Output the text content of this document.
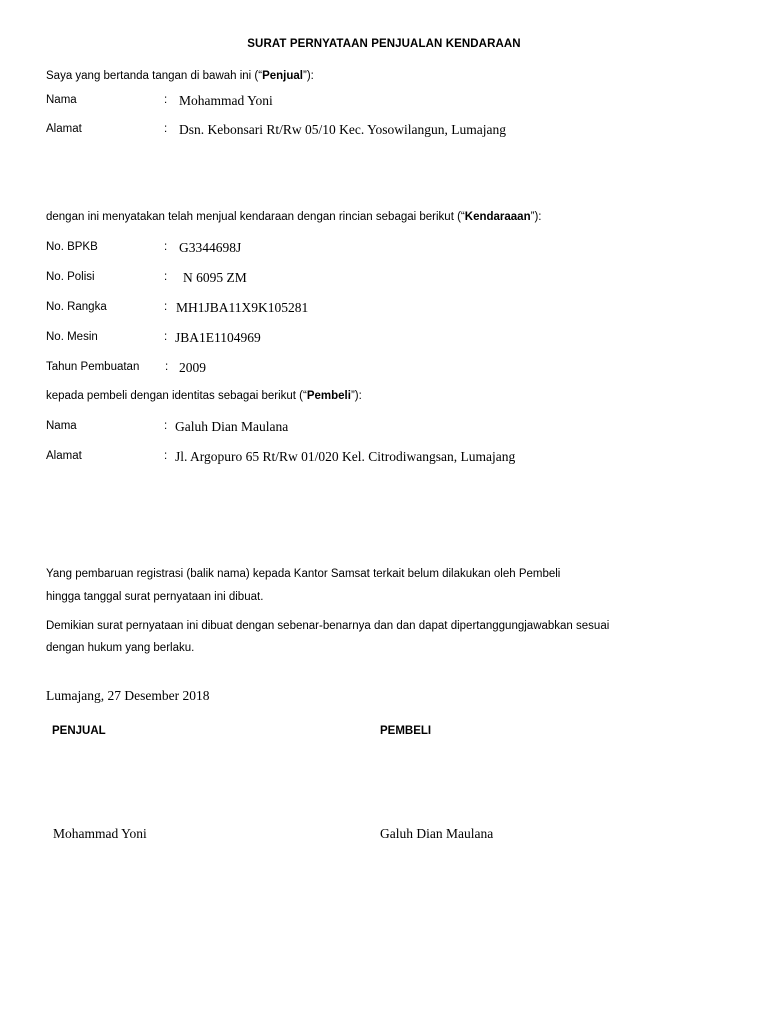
SURAT PERNYATAAN PENJUALAN KENDARAAN
Saya yang bertanda tangan di bawah ini (“Penjual”):
Nama	: Mohammad Yoni
Alamat	: Dsn. Kebonsari Rt/Rw 05/10 Kec. Yosowilangun, Lumajang
dengan ini menyatakan telah menjual kendaraan dengan rincian sebagai berikut (“Kendaraaan”):
No. BPKB	: G3344698J
No. Polisi	: N 6095 ZM
No. Rangka	: MH1JBA11X9K105281
No. Mesin	: JBA1E1104969
Tahun Pembuatan : 2009
kepada pembeli dengan identitas sebagai berikut (“Pembeli”):
Nama	: Galuh Dian Maulana
Alamat	: Jl. Argopuro 65 Rt/Rw 01/020 Kel. Citrodiwangsan, Lumajang
Yang pembaruan registrasi (balik nama) kepada Kantor Samsat terkait belum dilakukan oleh Pembeli
hingga tanggal surat pernyataan ini dibuat.
Demikian surat pernyataan ini dibuat dengan sebenar-benarnya dan dan dapat dipertanggungjawabkan sesuai
dengan hukum yang berlaku.
Lumajang, 27 Desember 2018
PENJUAL	PEMBELI
Mohammad Yoni	Galuh Dian Maulana
